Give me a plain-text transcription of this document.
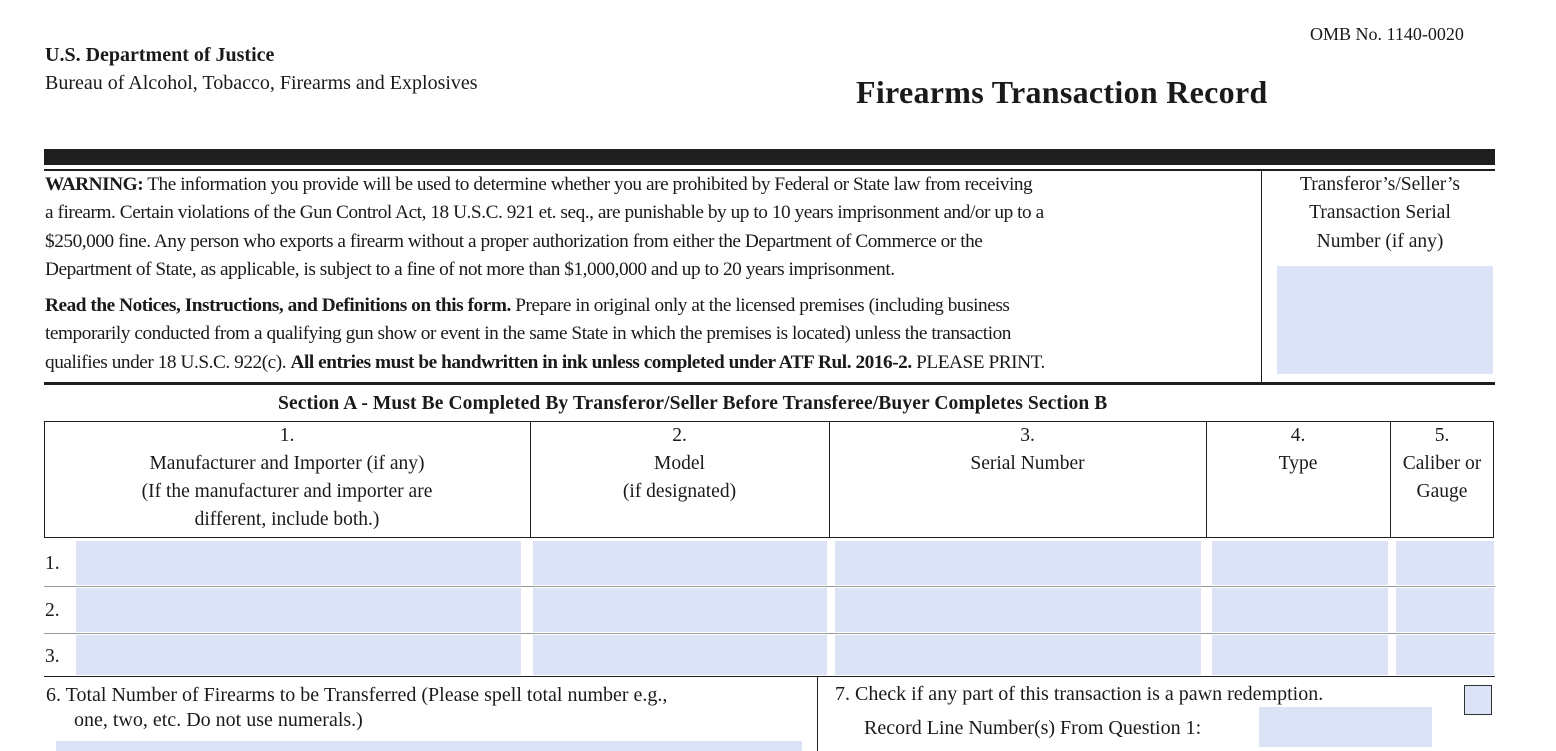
U.S. Department of Justice
Bureau of Alcohol, Tobacco, Firearms and Explosives
OMB No. 1140-0020
Firearms Transaction Record
WARNING: The information you provide will be used to determine whether you are prohibited by Federal or State law from receiving
a firearm. Certain violations of the Gun Control Act, 18 U.S.C. 921 et. seq., are punishable by up to 10 years imprisonment and/or up to a
$250,000 fine. Any person who exports a firearm without a proper authorization from either the Department of Commerce or the
Department of State, as applicable, is subject to a fine of not more than $1,000,000 and up to 20 years imprisonment.
Read the Notices, Instructions, and Definitions on this form. Prepare in original only at the licensed premises (including business
temporarily conducted from a qualifying gun show or event in the same State in which the premises is located) unless the transaction
qualifies under 18 U.S.C. 922(c). All entries must be handwritten in ink unless completed under ATF Rul. 2016-2. PLEASE PRINT.
Transferor’s/Seller’s
Transaction Serial
Number (if any)
Section A - Must Be Completed By Transferor/Seller Before Transferee/Buyer Completes Section B
1.
Manufacturer and Importer (if any)
(If the manufacturer and importer are
different, include both.)
2.
Model
(if designated)
3.
Serial Number
4.
Type
5.
Caliber or
Gauge
1.
2.
3.
6. Total Number of Firearms to be Transferred (Please spell total number e.g.,
one, two, etc. Do not use numerals.)
7. Check if any part of this transaction is a pawn redemption.
Record Line Number(s) From Question 1:
